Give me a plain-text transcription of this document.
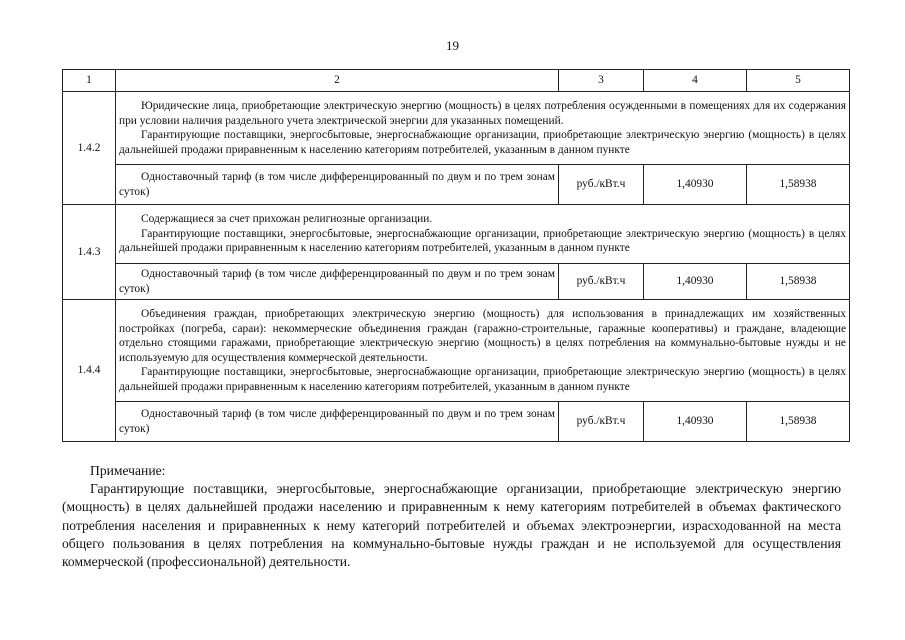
19
1	2	3	4	5
1.4.2	Юридические лица, приобретающие электрическую энергию (мощность) в целях потребления осужденными в помещениях для их содержания при условии наличия раздельного учета электрической энергии для указанных помещений.

Гарантирующие поставщики, энергосбытовые, энергоснабжающие организации, приобретающие электрическую энергию (мощность) в целях дальнейшей продажи приравненным к населению категориям потребителей, указанным в данном пункте			

	Одноставочный тариф (в том числе дифференцированный по двум и по трем зонам суток)	руб./кВт.ч	1,40930	1,58938
1.4.3	Содержащиеся за счет прихожан религиозные организации.

Гарантирующие поставщики, энергосбытовые, энергоснабжающие организации, приобретающие электрическую энергию (мощность) в целях дальнейшей продажи приравненным к населению категориям потребителей, указанным в данном пункте			

	Одноставочный тариф (в том числе дифференцированный по двум и по трем зонам суток)	руб./кВт.ч	1,40930	1,58938
1.4.4	Объединения граждан, приобретающих электрическую энергию (мощность) для использования в принадлежащих им хозяйственных постройках (погреба, сараи): некоммерческие объединения граждан (гаражно-строительные, гаражные кооперативы) и граждане, владеющие отдельно стоящими гаражами, приобретающие электрическую энергию (мощность) в целях потребления на коммунально-бытовые нужды и не используемую для осуществления коммерческой деятельности.

Гарантирующие поставщики, энергосбытовые, энергоснабжающие организации, приобретающие электрическую энергию (мощность) в целях дальнейшей продажи приравненным к населению категориям потребителей, указанным в данном пункте			

	Одноставочный тариф (в том числе дифференцированный по двум и по трем зонам суток)	руб./кВт.ч	1,40930	1,58938
Примечание:

Гарантирующие поставщики, энергосбытовые, энергоснабжающие организации, приобретающие электрическую энергию (мощность) в целях дальнейшей продажи населению и приравненным к нему категориям потребителей в объемах фактического потребления населения и приравненных к нему категорий потребителей и объемах электроэнергии, израсходованной на места общего пользования в целях потребления на коммунально-бытовые нужды граждан и не используемой для осуществления коммерческой (профессиональной) деятельности.
